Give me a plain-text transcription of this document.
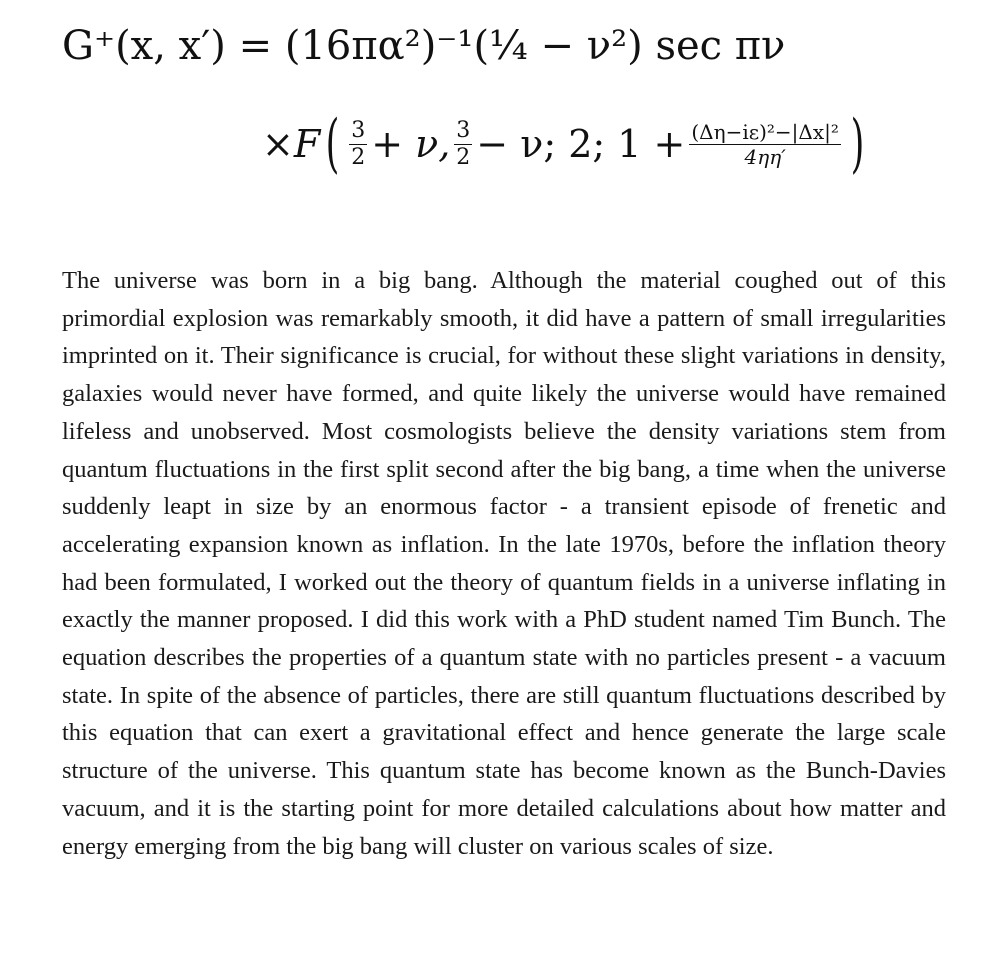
G⁺(x, x′) = (16πα²)⁻¹(¼ − ν²) sec πν
×F ( $\frac{3}{2} + \nu$, $\frac{3}{2} - \nu$; 2; $1 + \frac{\text{(Δη−iε)²−|Δx|²}}{4\eta\eta'}$ )

The universe was born in a big bang. Although the material coughed out of this primordial explosion was remarkably smooth, it did have a pattern of small irregularities imprinted on it. Their significance is crucial, for without these slight variations in density, galaxies would never have formed, and quite likely the universe would have remained lifeless and unobserved. Most cosmologists believe the density variations stem from quantum fluctuations in the first split second after the big bang, a time when the universe suddenly leapt in size by an enormous factor - a transient episode of frenetic and accelerating expansion known as inflation. In the late 1970s, before the inflation theory had been formulated, I worked out the theory of quantum fields in a universe inflating in exactly the manner proposed. I did this work with a PhD student named Tim Bunch. The equation describes the properties of a quantum state with no particles present - a vacuum state. In spite of the absence of particles, there are still quantum fluctuations described by this equation that can exert a gravitational effect and hence generate the large scale structure of the universe. This quantum state has become known as the Bunch-Davies vacuum, and it is the starting point for more detailed calculations about how matter and energy emerging from the big bang will cluster on various scales of size.
